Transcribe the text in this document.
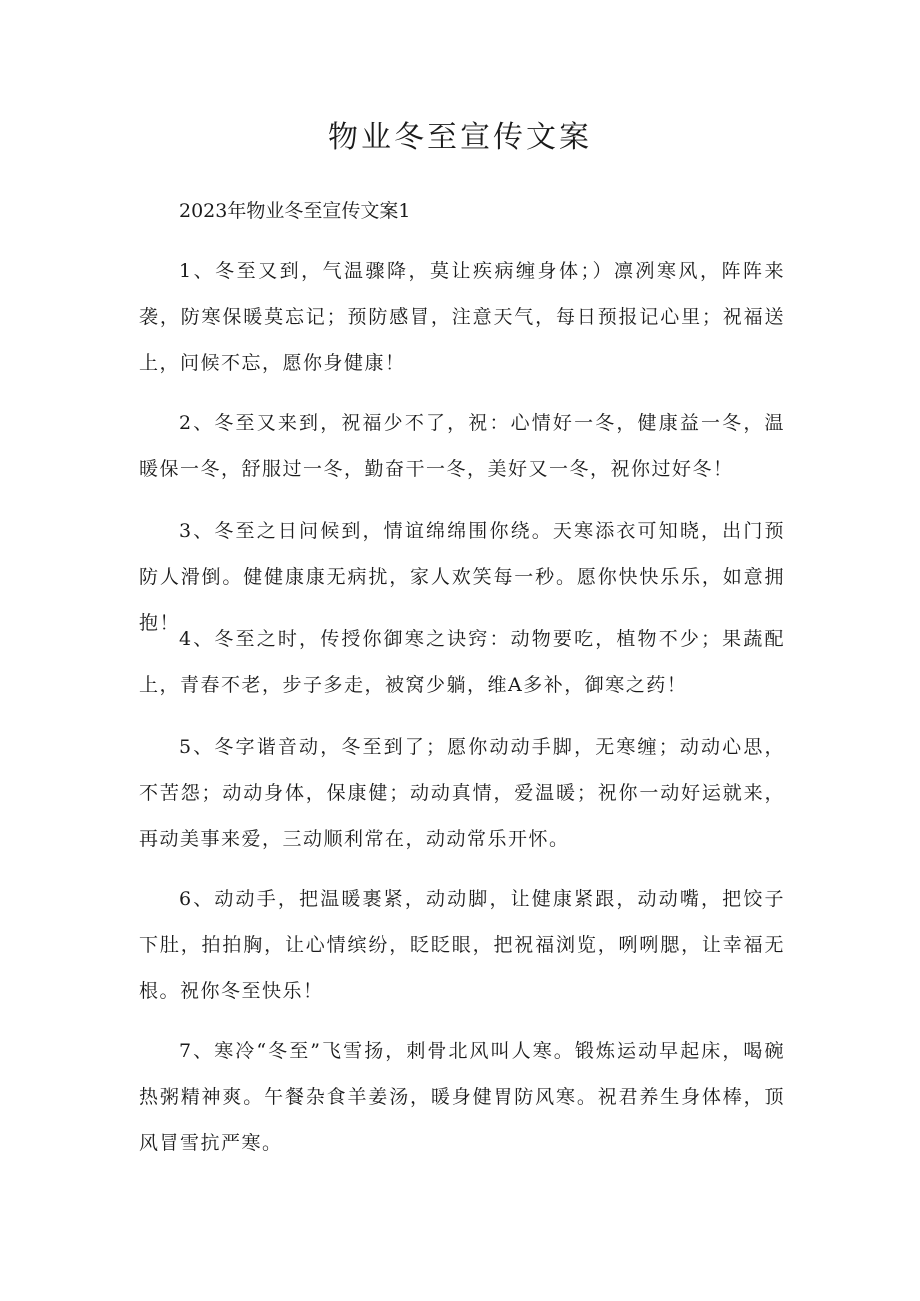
物业冬至宣传文案

2023年物业冬至宣传文案1

1、冬至又到，气温骤降，莫让疾病缠身体；）凛冽寒风，阵阵来袭，防寒保暖莫忘记；预防感冒，注意天气，每日预报记心里；祝福送上，问候不忘，愿你身健康！

2、冬至又来到，祝福少不了，祝：心情好一冬，健康益一冬，温暖保一冬，舒服过一冬，勤奋干一冬，美好又一冬，祝你过好冬！

3、冬至之日问候到，情谊绵绵围你绕。天寒添衣可知晓，出门预防人滑倒。健健康康无病扰，家人欢笑每一秒。愿你快快乐乐，如意拥抱！

4、冬至之时，传授你御寒之诀窍：动物要吃，植物不少；果蔬配上，青春不老，步子多走，被窝少躺，维A多补，御寒之药！

5、冬字谐音动，冬至到了；愿你动动手脚，无寒缠；动动心思，不苦怨；动动身体，保康健；动动真情，爱温暖；祝你一动好运就来，再动美事来爱，三动顺利常在，动动常乐开怀。

6、动动手，把温暖裹紧，动动脚，让健康紧跟，动动嘴，把饺子下肚，拍拍胸，让心情缤纷，眨眨眼，把祝福浏览，咧咧腮，让幸福无根。祝你冬至快乐！

7、寒冷“冬至”飞雪扬，刺骨北风叫人寒。锻炼运动早起床，喝碗热粥精神爽。午餐杂食羊姜汤，暖身健胃防风寒。祝君养生身体棒，顶风冒雪抗严寒。
